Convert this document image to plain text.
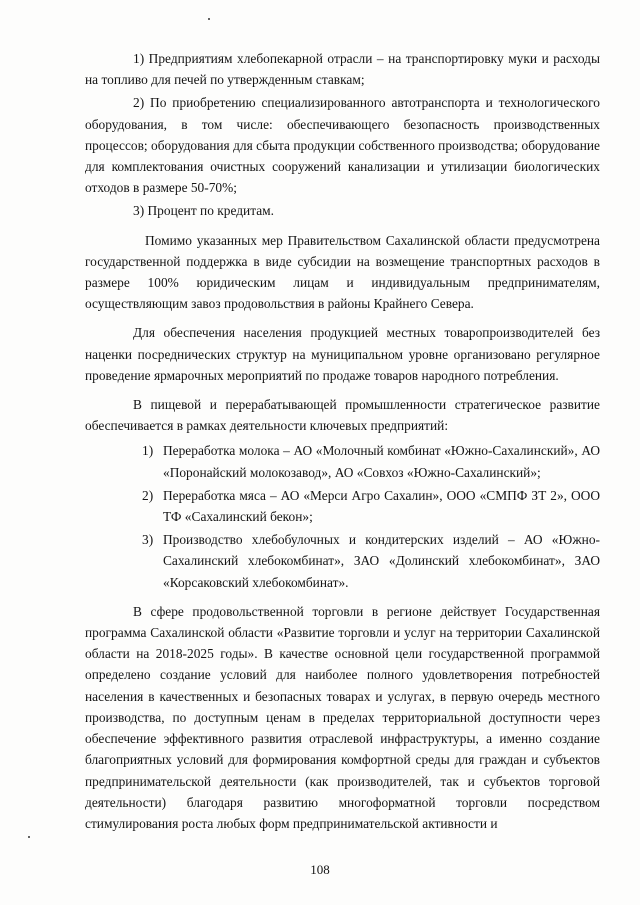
1) Предприятиям хлебопекарной отрасли – на транспортировку муки и расходы на топливо для печей по утвержденным ставкам;

2) По приобретению специализированного автотранспорта и технологического оборудования, в том числе: обеспечивающего безопасность производственных процессов; оборудования для сбыта продукции собственного производства; оборудование для комплектования очистных сооружений канализации и утилизации биологических отходов в размере 50-70%;

3) Процент по кредитам.

Помимо указанных мер Правительством Сахалинской области предусмотрена государственной поддержка в виде субсидии на возмещение транспортных расходов в размере 100% юридическим лицам и индивидуальным предпринимателям, осуществляющим завоз продовольствия в районы Крайнего Севера.

Для обеспечения населения продукцией местных товаропроизводителей без наценки посреднических структур на муниципальном уровне организовано регулярное проведение ярмарочных мероприятий по продаже товаров народного потребления.

В пищевой и перерабатывающей промышленности стратегическое развитие обеспечивается в рамках деятельности ключевых предприятий:

1) Переработка молока – АО «Молочный комбинат «Южно-Сахалинский», АО «Поронайский молокозавод», АО «Совхоз «Южно-Сахалинский»;
2) Переработка мяса – АО «Мерси Агро Сахалин», ООО «СМПФ ЗТ 2», ООО ТФ «Сахалинский бекон»;
3) Производство хлебобулочных и кондитерских изделий – АО «Южно-Сахалинский хлебокомбинат», ЗАО «Долинский хлебокомбинат», ЗАО «Корсаковский хлебокомбинат».

В сфере продовольственной торговли в регионе действует Государственная программа Сахалинской области «Развитие торговли и услуг на территории Сахалинской области на 2018-2025 годы». В качестве основной цели государственной программой определено создание условий для наиболее полного удовлетворения потребностей населения в качественных и безопасных товарах и услугах, в первую очередь местного производства, по доступным ценам в пределах территориальной доступности через обеспечение эффективного развития отраслевой инфраструктуры, а именно создание благоприятных условий для формирования комфортной среды для граждан и субъектов предпринимательской деятельности (как производителей, так и субъектов торговой деятельности) благодаря развитию многоформатной торговли посредством стимулирования роста любых форм предпринимательской активности и

108
